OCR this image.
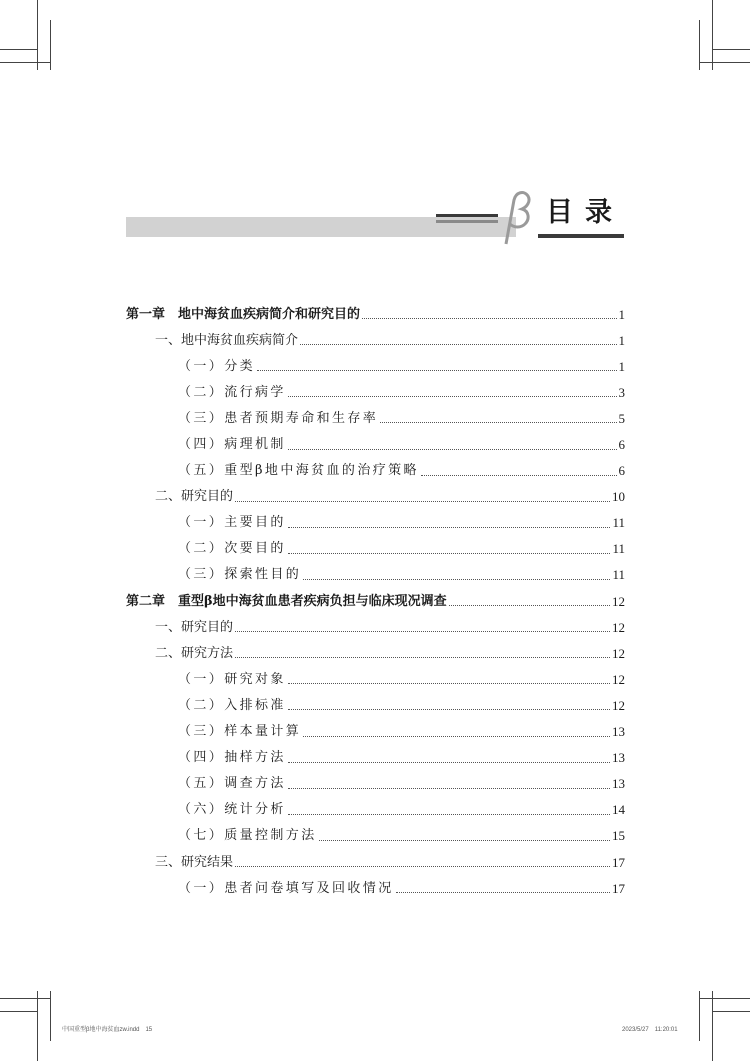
目录
第一章　地中海贫血疾病简介和研究目的	1
一、地中海贫血疾病简介	1
（一）分类	1
（二）流行病学	3
（三）患者预期寿命和生存率	5
（四）病理机制	6
（五）重型β地中海贫血的治疗策略	6
二、研究目的	10
（一）主要目的	11
（二）次要目的	11
（三）探索性目的	11
第二章　重型β地中海贫血患者疾病负担与临床现况调查	12
一、研究目的	12
二、研究方法	12
（一）研究对象	12
（二）入排标准	12
（三）样本量计算	13
（四）抽样方法	13
（五）调查方法	13
（六）统计分析	14
（七）质量控制方法	15
三、研究结果	17
（一）患者问卷填写及回收情况	17
中国重型β地中海贫血zw.indd　15	2023/5/27　11:20:01
